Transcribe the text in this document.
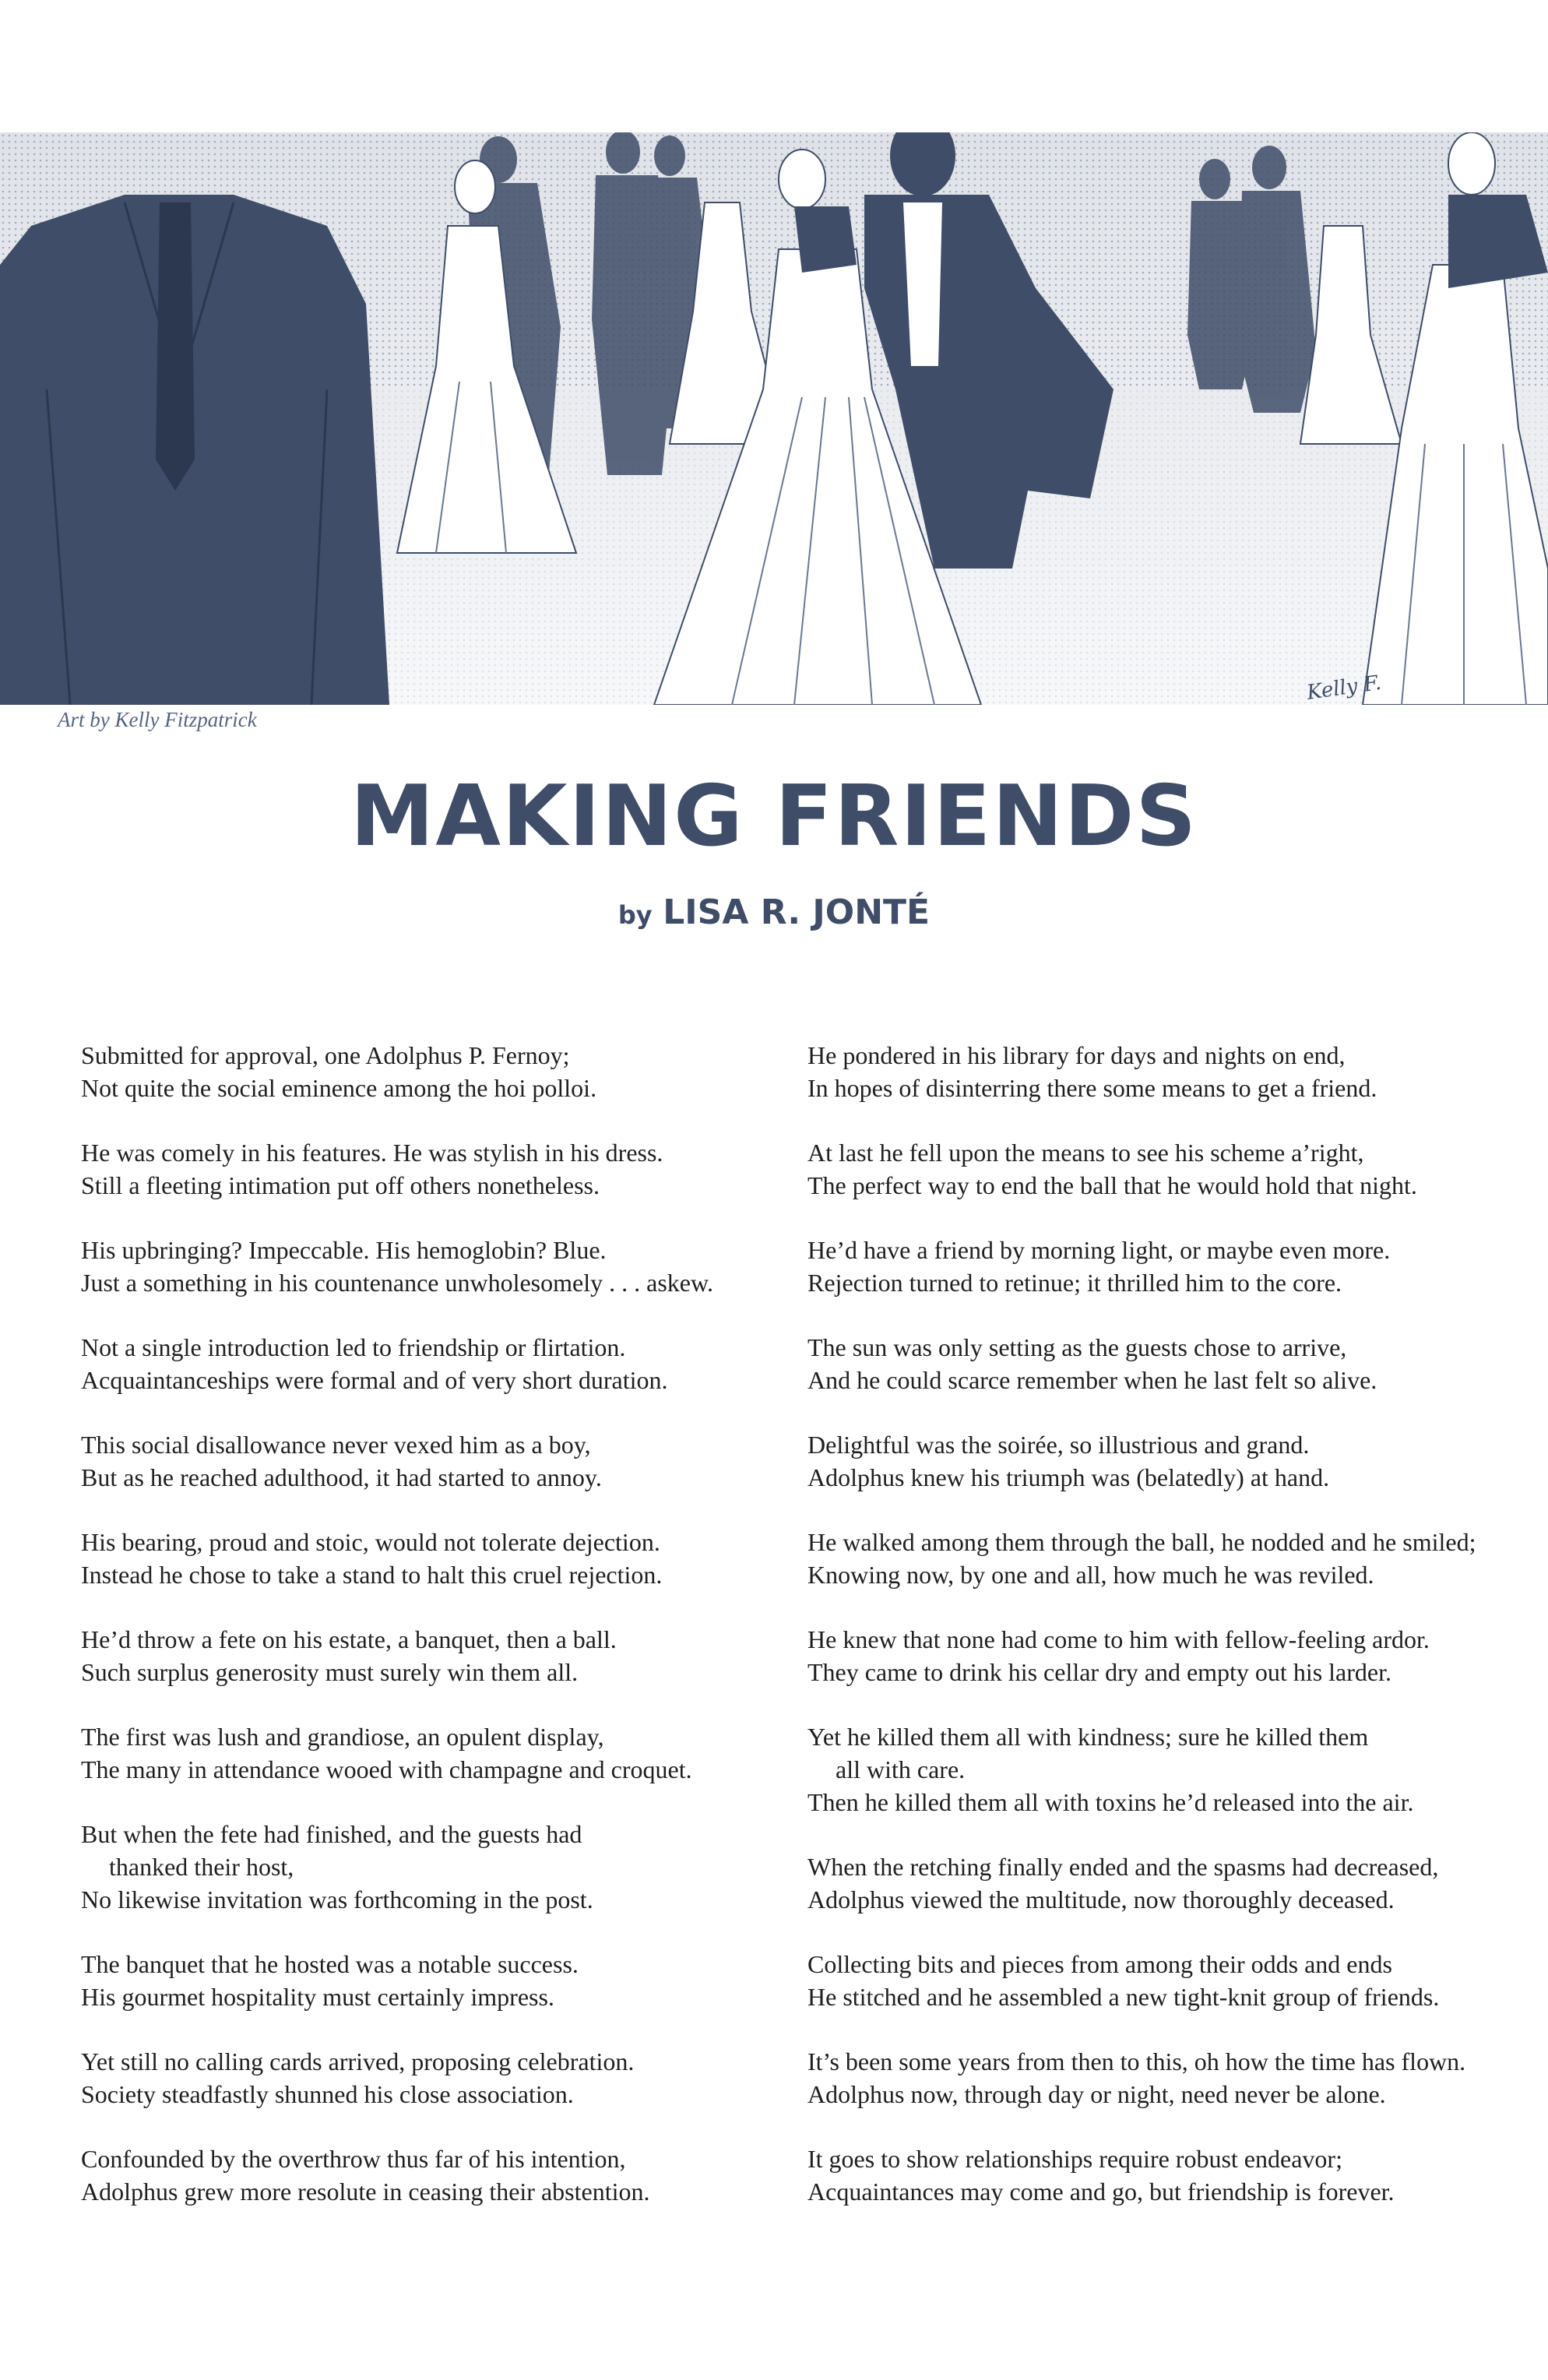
Kelly F.
Art by Kelly Fitzpatrick
MAKING FRIENDS
by LISA R. JONTÉ
Submitted for approval, one Adolphus P. Fernoy;
Not quite the social eminence among the hoi polloi.
He was comely in his features. He was stylish in his dress.
Still a fleeting intimation put off others nonetheless.
His upbringing? Impeccable. His hemoglobin? Blue.
Just a something in his countenance unwholesomely . . . askew.
Not a single introduction led to friendship or flirtation.
Acquaintanceships were formal and of very short duration.
This social disallowance never vexed him as a boy,
But as he reached adulthood, it had started to annoy.
His bearing, proud and stoic, would not tolerate dejection.
Instead he chose to take a stand to halt this cruel rejection.
He’d throw a fete on his estate, a banquet, then a ball.
Such surplus generosity must surely win them all.
The first was lush and grandiose, an opulent display,
The many in attendance wooed with champagne and croquet.
But when the fete had finished, and the guests had
thanked their host,
No likewise invitation was forthcoming in the post.
The banquet that he hosted was a notable success.
His gourmet hospitality must certainly impress.
Yet still no calling cards arrived, proposing celebration.
Society steadfastly shunned his close association.
Confounded by the overthrow thus far of his intention,
Adolphus grew more resolute in ceasing their abstention.
He pondered in his library for days and nights on end,
In hopes of disinterring there some means to get a friend.
At last he fell upon the means to see his scheme a’right,
The perfect way to end the ball that he would hold that night.
He’d have a friend by morning light, or maybe even more.
Rejection turned to retinue; it thrilled him to the core.
The sun was only setting as the guests chose to arrive,
And he could scarce remember when he last felt so alive.
Delightful was the soirée, so illustrious and grand.
Adolphus knew his triumph was (belatedly) at hand.
He walked among them through the ball, he nodded and he smiled;
Knowing now, by one and all, how much he was reviled.
He knew that none had come to him with fellow-feeling ardor.
They came to drink his cellar dry and empty out his larder.
Yet he killed them all with kindness; sure he killed them
all with care.
Then he killed them all with toxins he’d released into the air.
When the retching finally ended and the spasms had decreased,
Adolphus viewed the multitude, now thoroughly deceased.
Collecting bits and pieces from among their odds and ends
He stitched and he assembled a new tight-knit group of friends.
It’s been some years from then to this, oh how the time has flown.
Adolphus now, through day or night, need never be alone.
It goes to show relationships require robust endeavor;
Acquaintances may come and go, but friendship is forever.
